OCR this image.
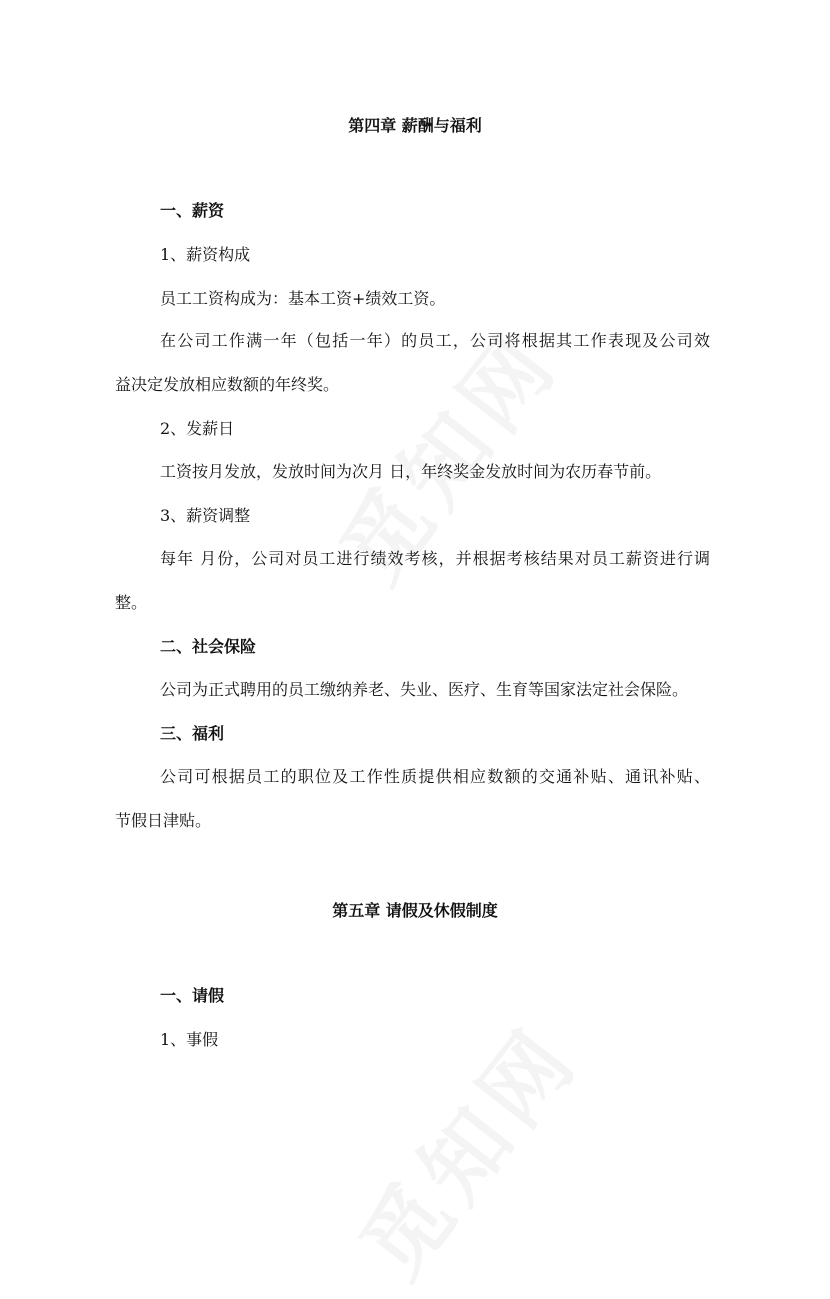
第四章 薪酬与福利
一、薪资
1、薪资构成
员工工资构成为：基本工资+绩效工资。
在公司工作满一年（包括一年）的员工，公司将根据其工作表现及公司效
益决定发放相应数额的年终奖。
2、发薪日
工资按月发放，发放时间为次月 日，年终奖金发放时间为农历春节前。
3、薪资调整
每年 月份，公司对员工进行绩效考核，并根据考核结果对员工薪资进行调
整。
二、社会保险
公司为正式聘用的员工缴纳养老、失业、医疗、生育等国家法定社会保险。
三、福利
公司可根据员工的职位及工作性质提供相应数额的交通补贴、通讯补贴、
节假日津贴。
第五章 请假及休假制度
一、请假
1、事假
